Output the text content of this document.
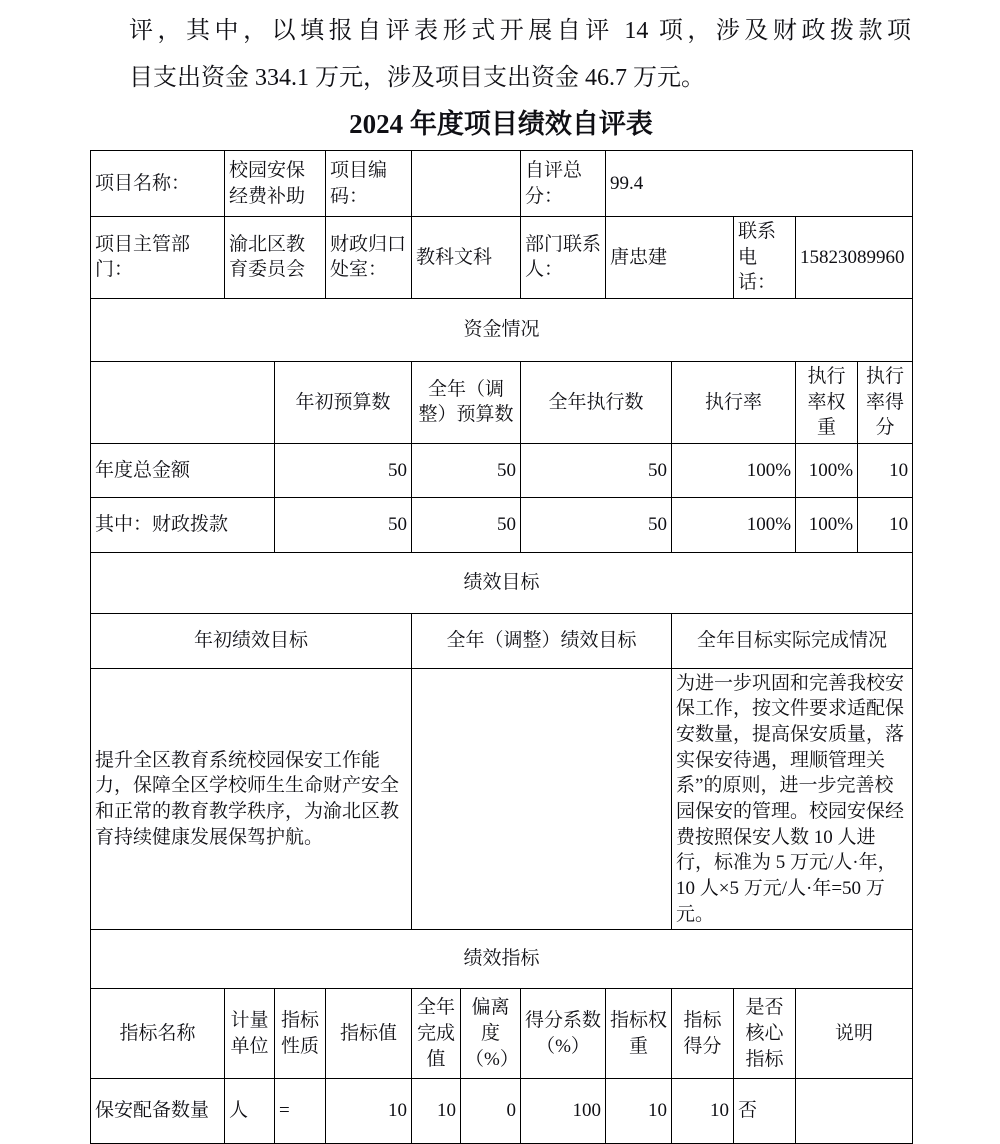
评，其中，以填报自评表形式开展自评 14 项，涉及财政拨款项
目支出资金 334.1 万元，涉及项目支出资金 46.7 万元。
2024 年度项目绩效自评表
项目名称：	校园安保经费补助		项目编码：			自评总分：	99.4				
项目主管部门：	渝北区教育委员会		财政归口处室：	教科文科		部门联系人：	唐忠建		联系电话：	15823089960	
资金情况											
		年初预算数		全年（调整）预算数		全年执行数		执行率		执行率权重	执行率得分
年度总金额		50		50		50		100%		100%	10
其中：财政拨款		50		50		50		100%		100%	10
绩效目标											
年初绩效目标				全年（调整）绩效目标				全年目标实际完成情况			
提升全区教育系统校园保安工作能力，保障全区学校师生生命财产安全和正常的教育教学秩序，为渝北区教育持续健康发展保驾护航。								为进一步巩固和完善我校安保工作，按文件要求适配保安数量，提高保安质量，落实保安待遇，理顺管理关系”的原则，进一步完善校园保安的管理。校园安保经费按照保安人数 10 人进行，标准为 5 万元/人·年，10 人×5 万元/人·年=50 万元。			
绩效指标											
指标名称	计量单位	指标性质	指标值	全年完成值	偏离度（%）	得分系数（%）	指标权重	指标得分	是否核心指标	说明	
保安配备数量	人	=	10	10	0	100	10	10	否		
